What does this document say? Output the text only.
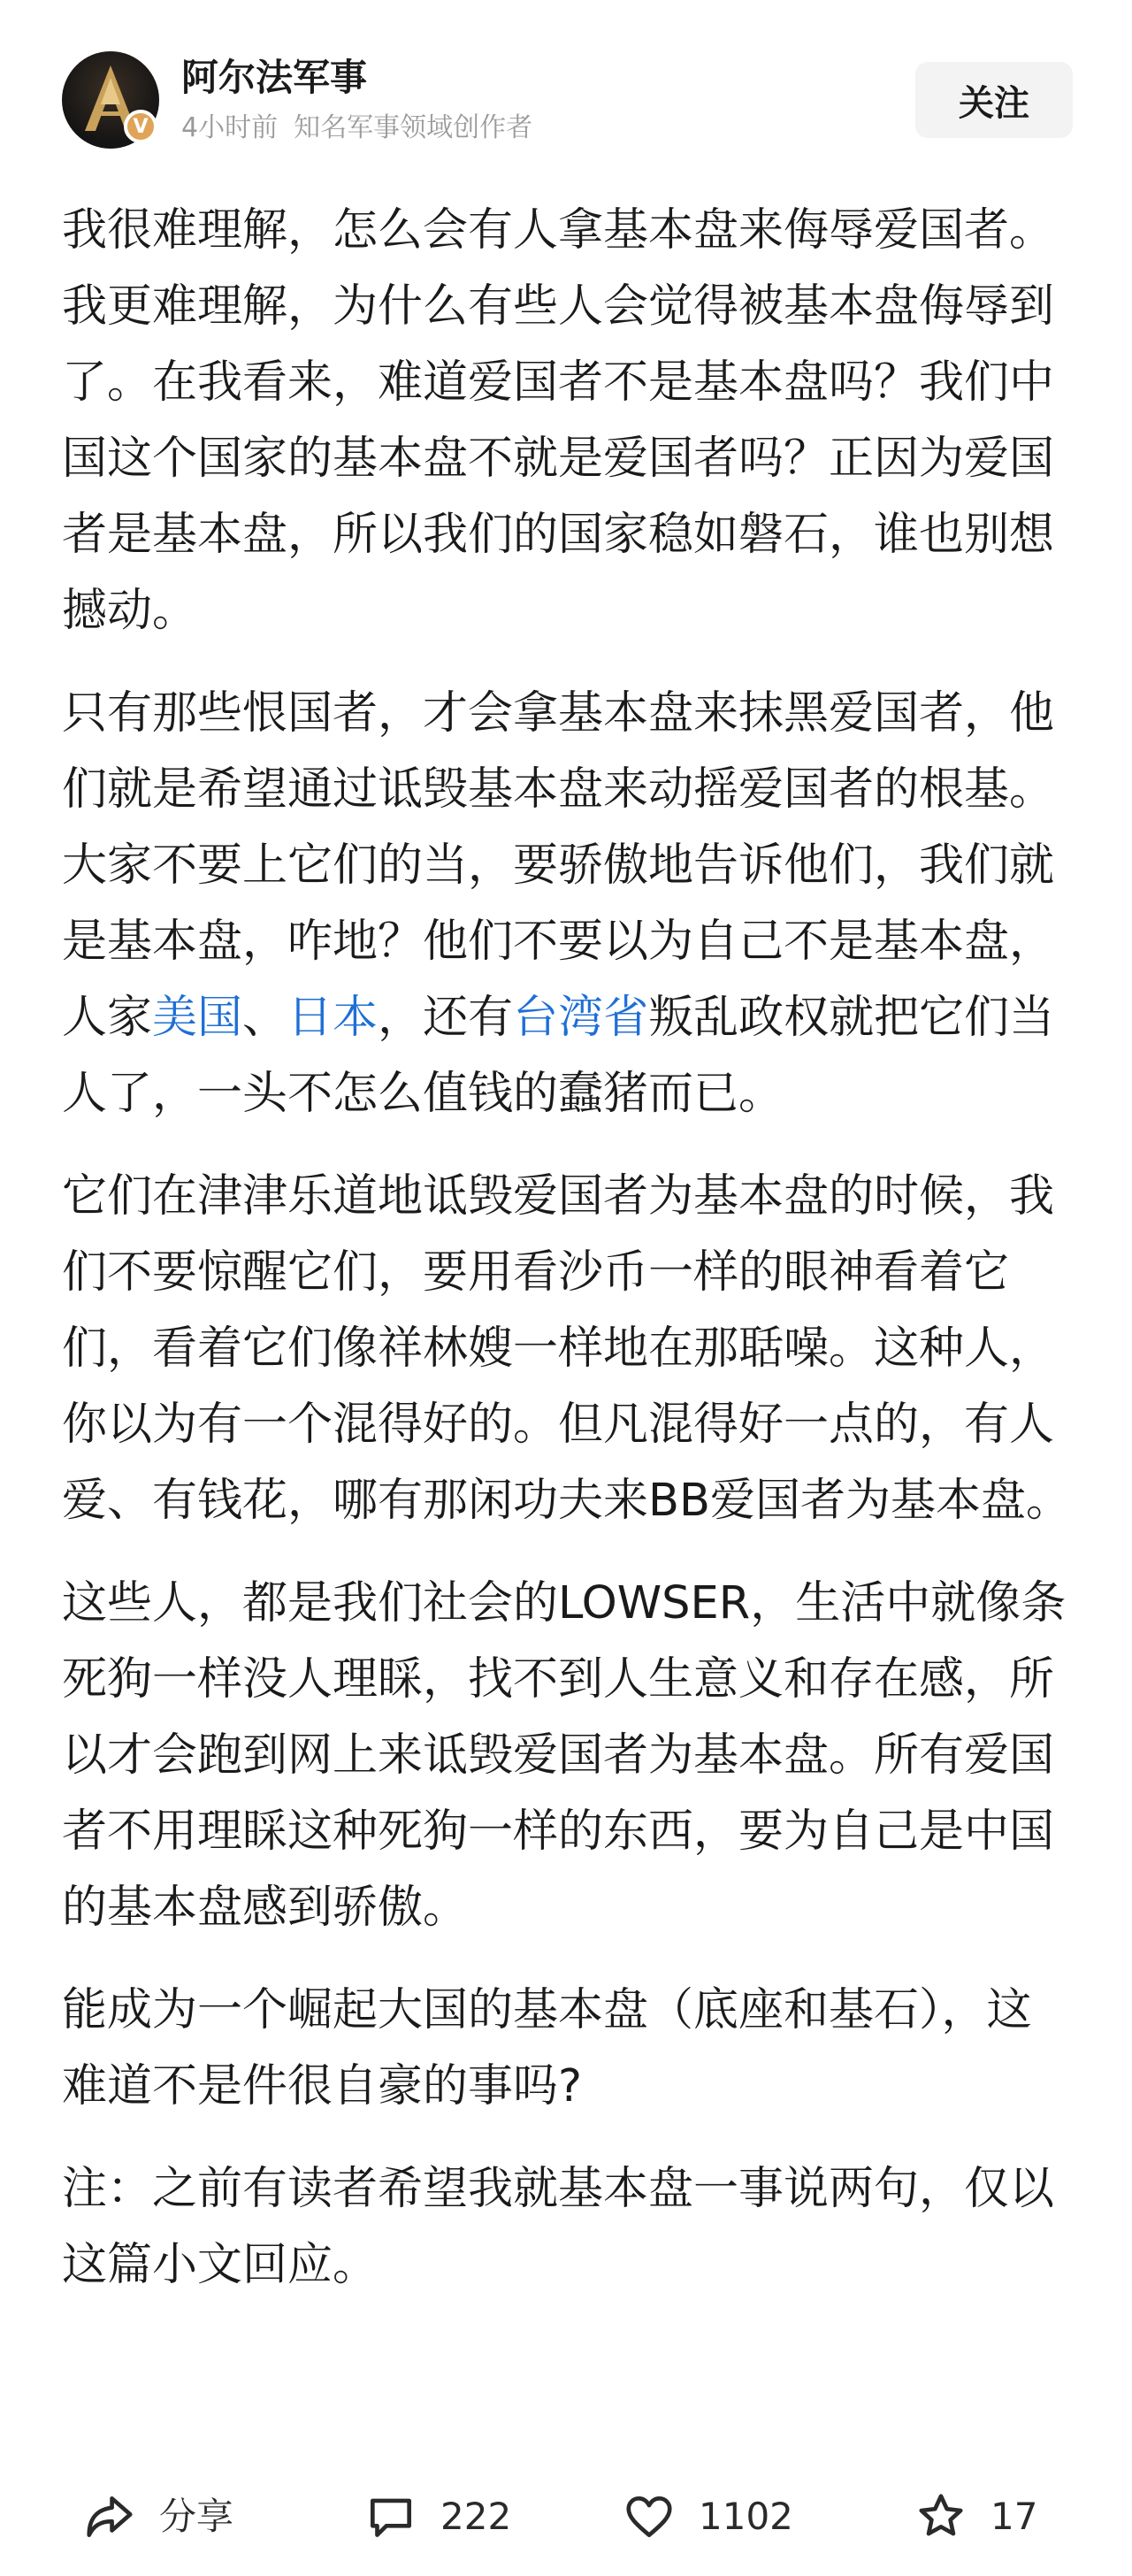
V
阿尔法军事
4小时前 知名军事领域创作者
关注

我很难理解，怎么会有人拿基本盘来侮辱爱国者。我更难理解，为什么有些人会觉得被基本盘侮辱到了。在我看来，难道爱国者不是基本盘吗？我们中国这个国家的基本盘不就是爱国者吗？正因为爱国者是基本盘，所以我们的国家稳如磐石，谁也别想撼动。

只有那些恨国者，才会拿基本盘来抹黑爱国者，他们就是希望通过诋毁基本盘来动摇爱国者的根基。大家不要上它们的当，要骄傲地告诉他们，我们就是基本盘，咋地？他们不要以为自己不是基本盘，人家美国、日本，还有台湾省叛乱政权就把它们当人了，一头不怎么值钱的蠢猪而已。

它们在津津乐道地诋毁爱国者为基本盘的时候，我们不要惊醒它们，要用看沙币一样的眼神看着它们，看着它们像祥林嫂一样地在那聒噪。这种人，你以为有一个混得好的。但凡混得好一点的，有人爱、有钱花，哪有那闲功夫来BB爱国者为基本盘。

这些人，都是我们社会的LOWSER，生活中就像条死狗一样没人理睬，找不到人生意义和存在感，所以才会跑到网上来诋毁爱国者为基本盘。所有爱国者不用理睬这种死狗一样的东西，要为自己是中国的基本盘感到骄傲。

能成为一个崛起大国的基本盘（底座和基石），这难道不是件很自豪的事吗?

注：之前有读者希望我就基本盘一事说两句，仅以这篇小文回应。

分享	222	1102	17
